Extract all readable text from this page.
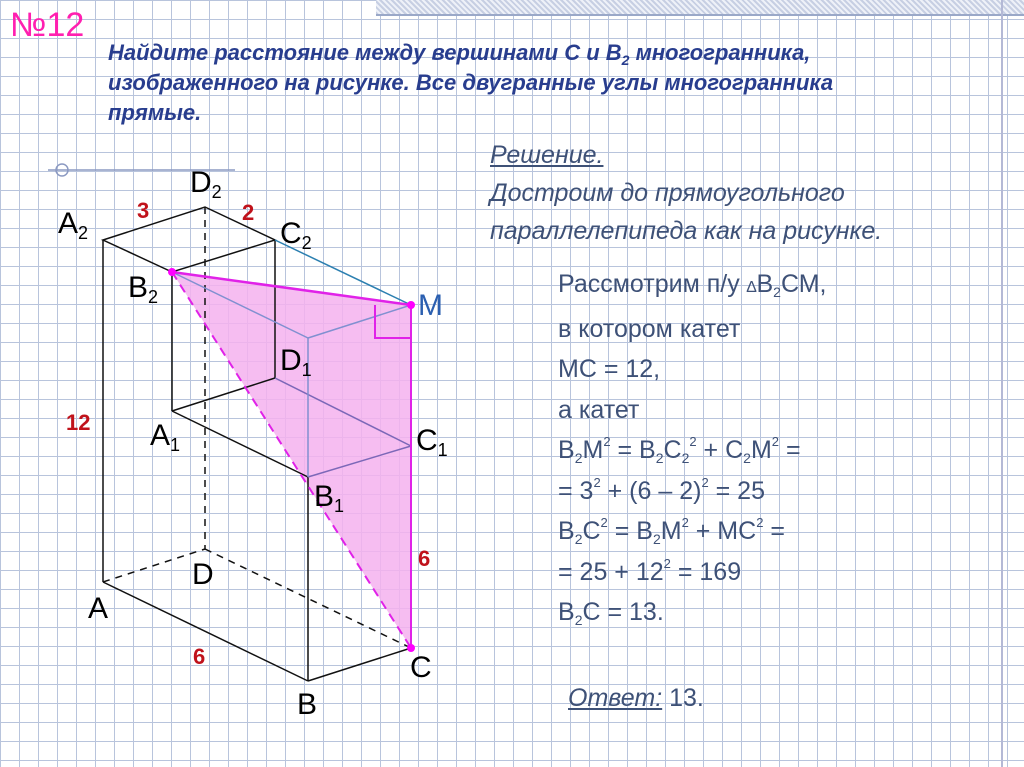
№12
Найдите расстояние между вершинами С и $В_2$ многогранника,
изображенного на рисунке. Все двугранные углы многогранника
прямые.
Решение.
Достроим до прямоугольного
параллелепипеда как на рисунке.
Рассмотрим п/у $\Delta В_2СМ$,
в котором катет
МС = 12,
а катет
$В_2М^2 = В_2С_2^2 + С_2М^2$ =
= $3^2 + (6 - 2)^2 = 25$
$В_2С^2 = В_2М^2 + МС^2$ =
= $25 + 12^2 = 169$
$В_2С = 13$.
Ответ: 13.
$D_2$
$A_2$	$C_2$
$B_2$	M
$D_1$
$A_1$	$C_1$
$B_1$
D
A
C
B
3	2
12
6
6
